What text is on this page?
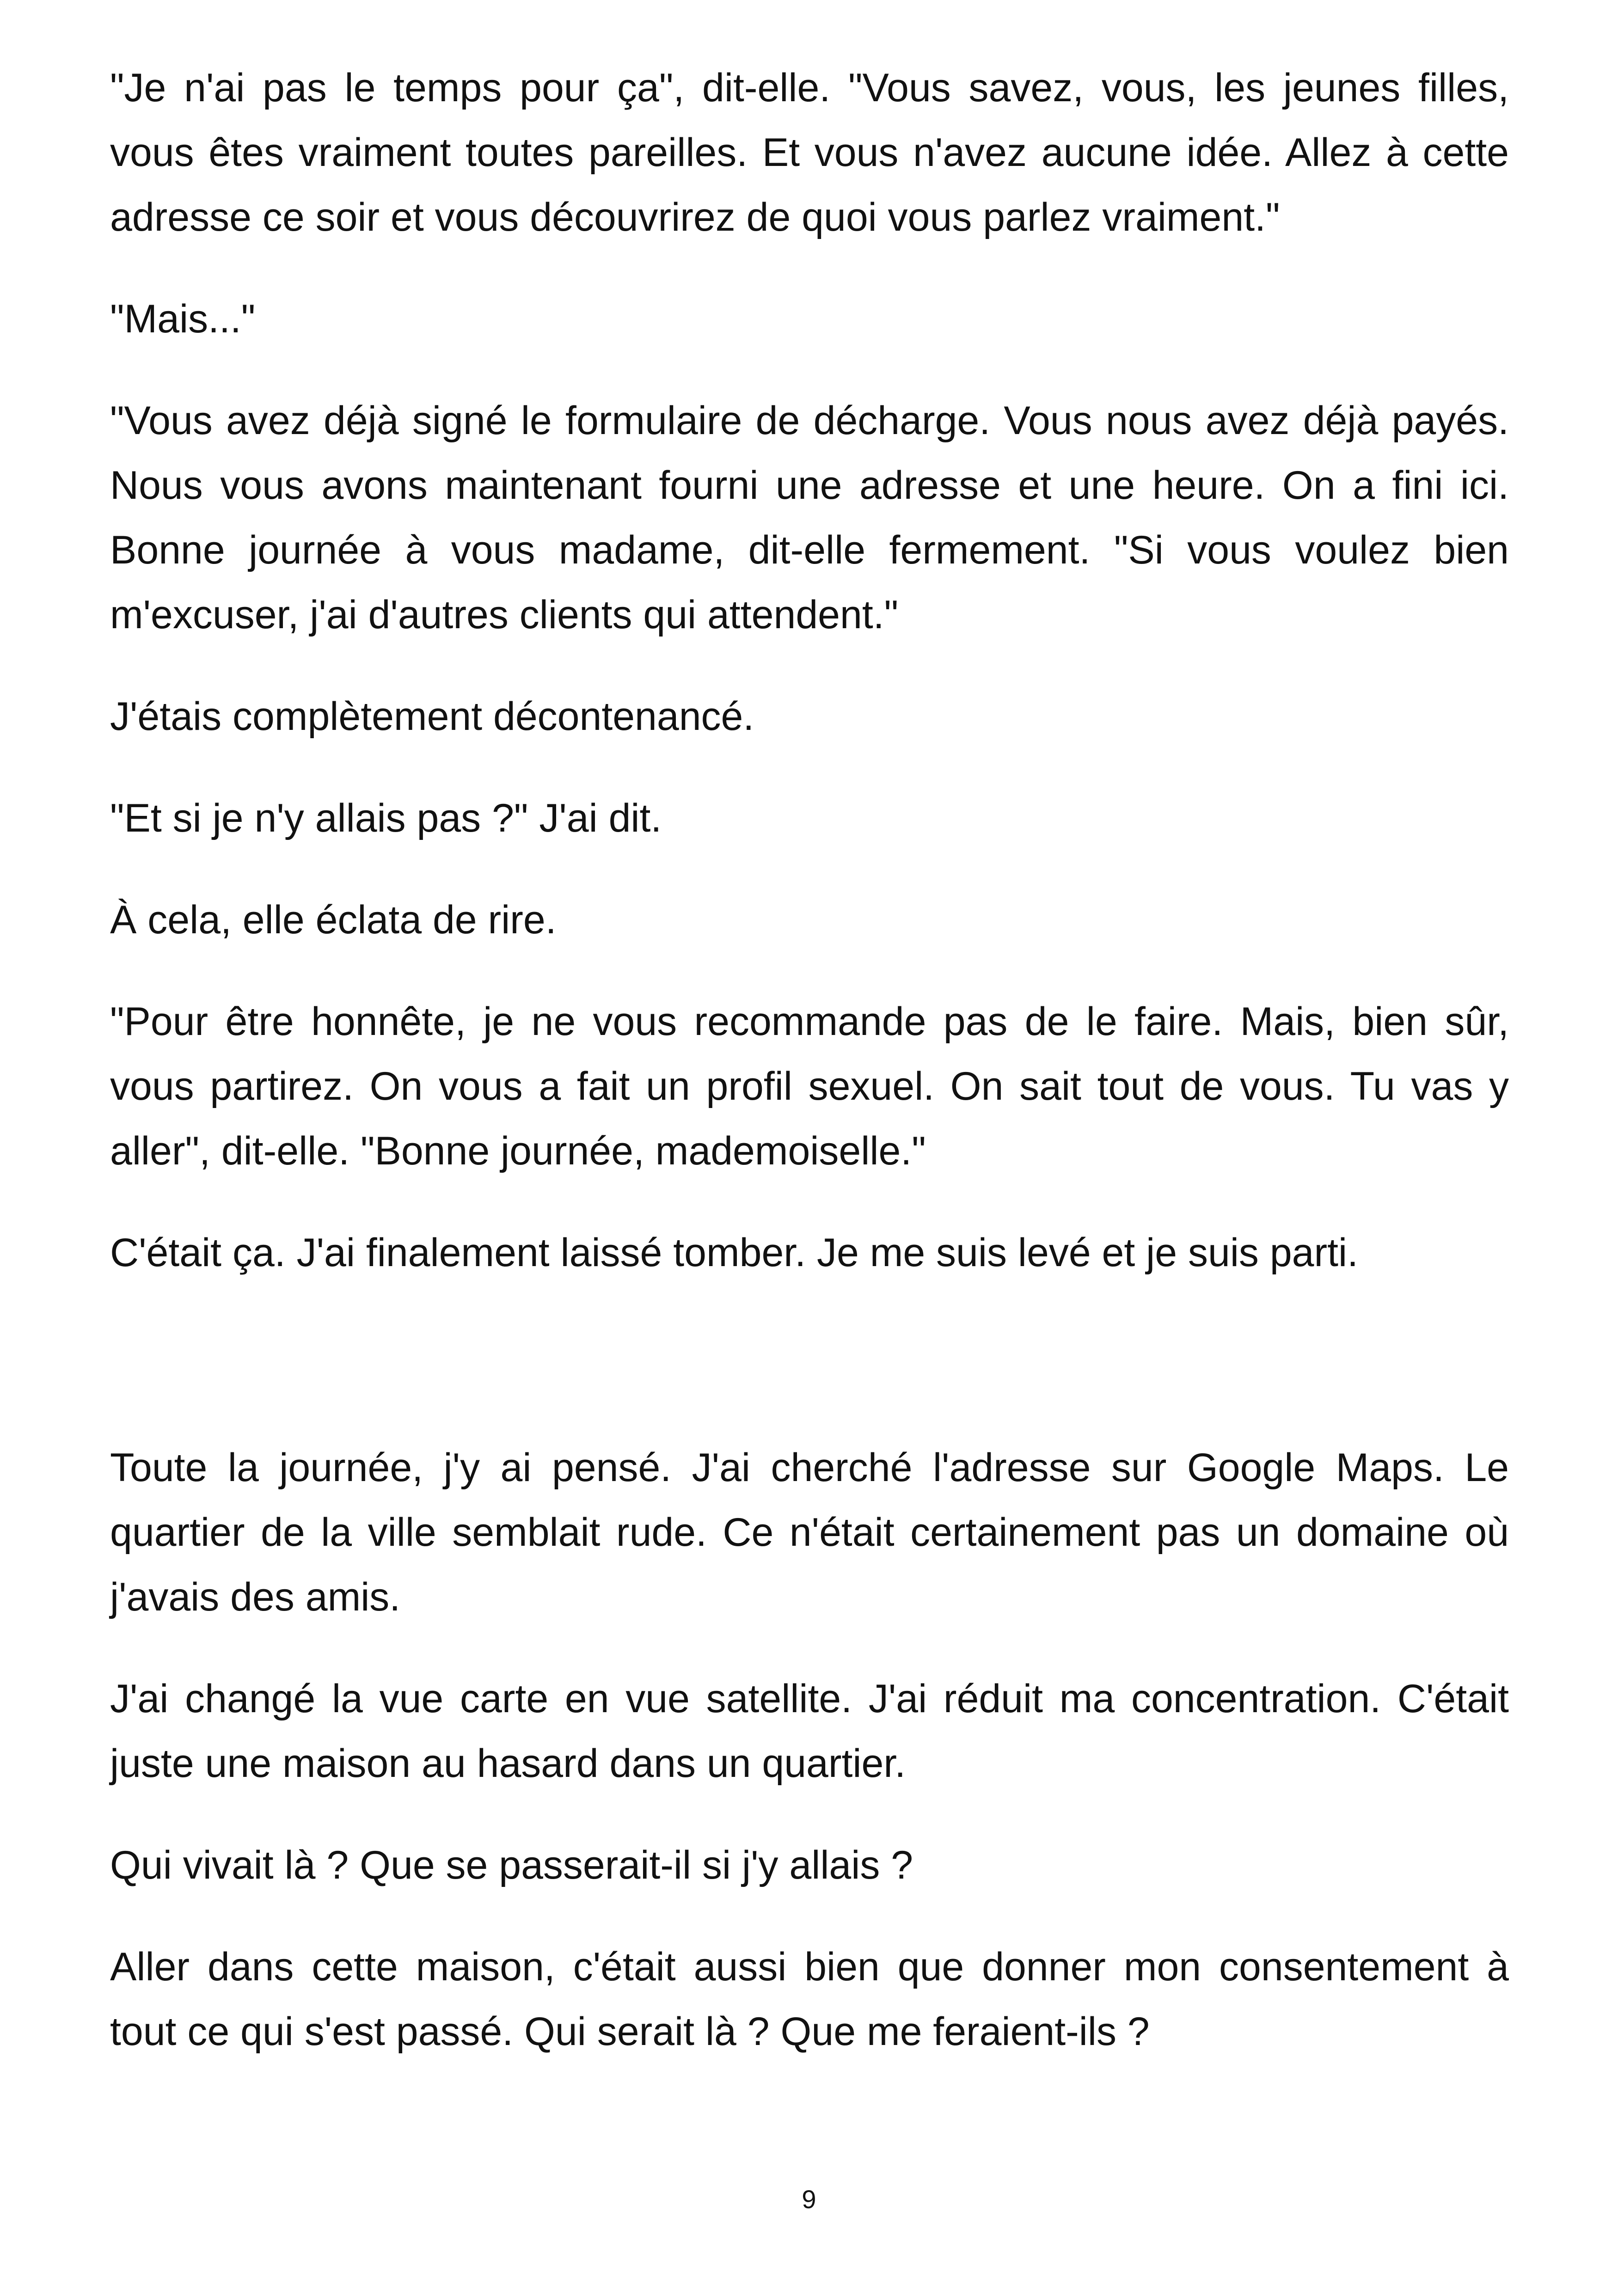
"Je n'ai pas le temps pour ça", dit-elle. "Vous savez, vous, les jeunes filles, vous êtes vraiment toutes pareilles. Et vous n'avez aucune idée. Allez à cette adresse ce soir et vous découvrirez de quoi vous parlez vraiment."

"Mais..."

"Vous avez déjà signé le formulaire de décharge. Vous nous avez déjà payés. Nous vous avons maintenant fourni une adresse et une heure. On a fini ici. Bonne journée à vous madame, dit-elle fermement. "Si vous voulez bien m'excuser, j'ai d'autres clients qui attendent."

J'étais complètement décontenancé.

"Et si je n'y allais pas ?" J'ai dit.

À cela, elle éclata de rire.

"Pour être honnête, je ne vous recommande pas de le faire. Mais, bien sûr, vous partirez. On vous a fait un profil sexuel. On sait tout de vous. Tu vas y aller", dit-elle. "Bonne journée, mademoiselle."

C'était ça. J'ai finalement laissé tomber. Je me suis levé et je suis parti.

Toute la journée, j'y ai pensé. J'ai cherché l'adresse sur Google Maps. Le quartier de la ville semblait rude. Ce n'était certainement pas un domaine où j'avais des amis.

J'ai changé la vue carte en vue satellite. J'ai réduit ma concentration. C'était juste une maison au hasard dans un quartier.

Qui vivait là ? Que se passerait-il si j'y allais ?

Aller dans cette maison, c'était aussi bien que donner mon consentement à tout ce qui s'est passé. Qui serait là ? Que me feraient-ils ?

9
